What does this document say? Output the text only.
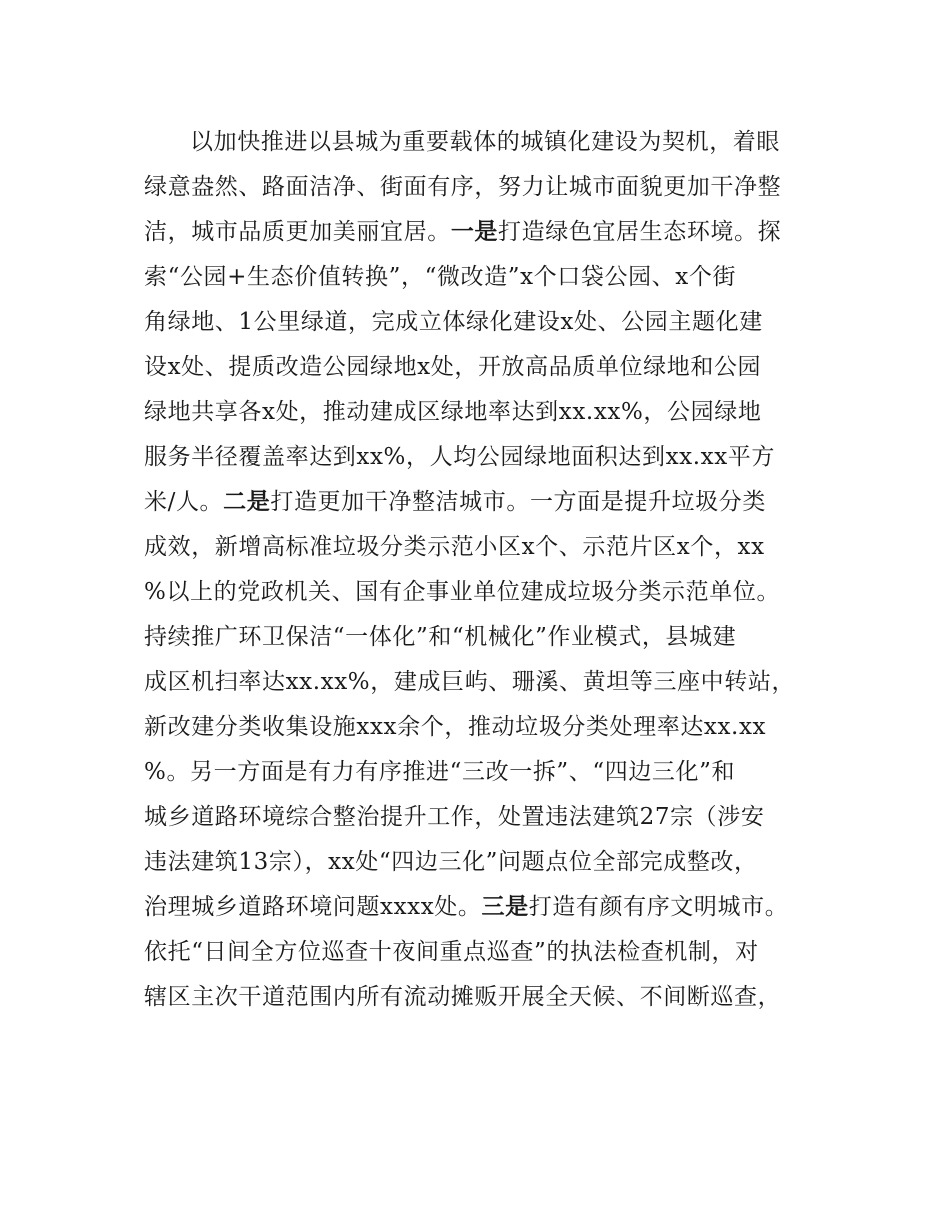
以加快推进以县城为重要载体的城镇化建设为契机，着眼
绿意盎然、路面洁净、街面有序，努力让城市面貌更加干净整
洁，城市品质更加美丽宜居。一是打造绿色宜居生态环境。探
索“公园+生态价值转换”，“微改造”x个口袋公园、x个街
角绿地、1公里绿道，完成立体绿化建设x处、公园主题化建
设x处、提质改造公园绿地x处，开放高品质单位绿地和公园
绿地共享各x处，推动建成区绿地率达到xx.xx%，公园绿地
服务半径覆盖率达到xx%，人均公园绿地面积达到xx.xx平方
米/人。二是打造更加干净整洁城市。一方面是提升垃圾分类
成效，新增高标准垃圾分类示范小区x个、示范片区x个，xx
%以上的党政机关、国有企事业单位建成垃圾分类示范单位。
持续推广环卫保洁“一体化”和“机械化”作业模式，县城建
成区机扫率达xx.xx%，建成巨屿、珊溪、黄坦等三座中转站，
新改建分类收集设施xxx余个，推动垃圾分类处理率达xx.xx
%。另一方面是有力有序推进“三改一拆”、“四边三化”和
城乡道路环境综合整治提升工作，处置违法建筑27宗（涉安
违法建筑13宗），xx处“四边三化”问题点位全部完成整改，
治理城乡道路环境问题xxxx处。三是打造有颜有序文明城市。
依托“日间全方位巡查十夜间重点巡查”的执法检查机制，对
辖区主次干道范围内所有流动摊贩开展全天候、不间断巡查，
